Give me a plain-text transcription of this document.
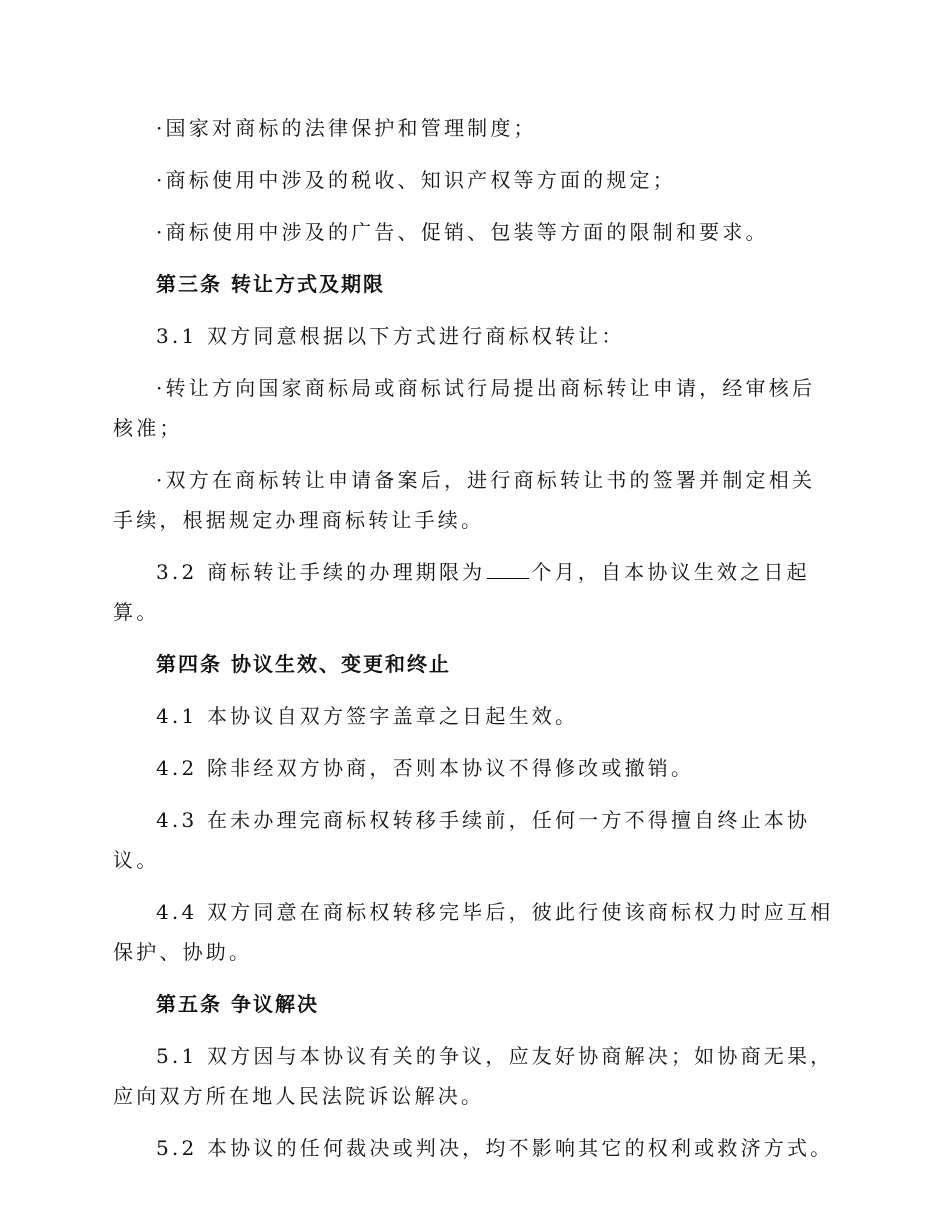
·国家对商标的法律保护和管理制度；

·商标使用中涉及的税收、知识产权等方面的规定；

·商标使用中涉及的广告、促销、包装等方面的限制和要求。

第三条 转让方式及期限

3.1 双方同意根据以下方式进行商标权转让：

·转让方向国家商标局或商标试行局提出商标转让申请，经审核后核准；

·双方在商标转让申请备案后，进行商标转让书的签署并制定相关手续，根据规定办理商标转让手续。

3.2 商标转让手续的办理期限为 个月，自本协议生效之日起算。

第四条 协议生效、变更和终止

4.1 本协议自双方签字盖章之日起生效。

4.2 除非经双方协商，否则本协议不得修改或撤销。

4.3 在未办理完商标权转移手续前，任何一方不得擅自终止本协议。

4.4 双方同意在商标权转移完毕后，彼此行使该商标权力时应互相保护、协助。

第五条 争议解决

5.1 双方因与本协议有关的争议，应友好协商解决；如协商无果，应向双方所在地人民法院诉讼解决。

5.2 本协议的任何裁决或判决，均不影响其它的权利或救济方式。
